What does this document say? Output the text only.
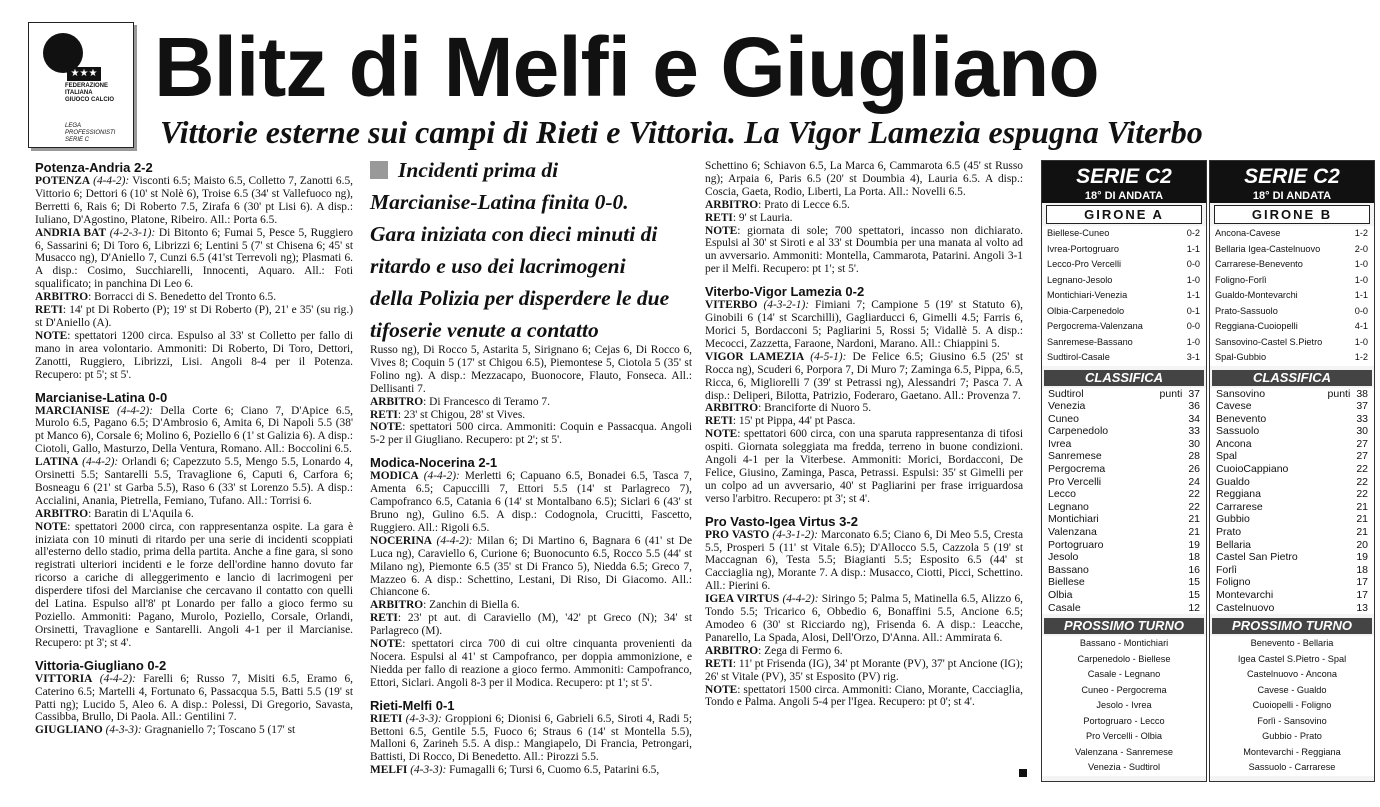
★★★
FEDERAZIONE
ITALIANA
GIUOCO CALCIO
LEGA
PROFESSIONISTI
SERIE C
Blitz di Melfi e Giugliano
Vittorie esterne sui campi di Rieti e Vittoria. La Vigor Lamezia espugna Viterbo
Potenza-Andria 2-2

POTENZA (4-4-2): Visconti 6.5; Maisto 6.5, Colletto 7, Zanotti 6.5, Vittorio 6; Dettori 6 (10' st Nolè 6), Troise 6.5 (34' st Vallefuoco ng), Berretti 6, Rais 6; Di Roberto 7.5, Zirafa 6 (30' pt Lisi 6). A disp.: Iuliano, D'Agostino, Platone, Ribeiro. All.: Porta 6.5.

ANDRIA BAT (4-2-3-1): Di Bitonto 6; Fumai 5, Pesce 5, Ruggiero 6, Sassarini 6; Di Toro 6, Librizzi 6; Lentini 5 (7' st Chisena 6; 45' st Musacco ng), D'Aniello 7, Cunzi 6.5 (41'st Terrevoli ng); Plasmati 6. A disp.: Cosimo, Succhiarelli, Innocenti, Aquaro. All.: Foti squalificato; in panchina Di Leo 6.

ARBITRO: Borracci di S. Benedetto del Tronto 6.5.

RETI: 14' pt Di Roberto (P); 19' st Di Roberto (P), 21' e 35' (su rig.) st D'Aniello (A).

NOTE: spettatori 1200 circa. Espulso al 33' st Colletto per fallo di mano in area volontario. Ammoniti: Di Roberto, Di Toro, Dettori, Zanotti, Ruggiero, Librizzi, Lisi. Angoli 8-4 per il Potenza. Recupero: pt 5'; st 5'.

Marcianise-Latina 0-0

MARCIANISE (4-4-2): Della Corte 6; Ciano 7, D'Apice 6.5, Murolo 6.5, Pagano 6.5; D'Ambrosio 6, Amita 6, Di Napoli 5.5 (38' pt Manco 6), Corsale 6; Molino 6, Poziello 6 (1' st Galizia 6). A disp.: Ciotoli, Gallo, Masturzo, Della Ventura, Romano. All.: Boccolini 6.5.

LATINA (4-4-2): Orlandi 6; Capezzuto 5.5, Mengo 5.5, Lonardo 4, Orsinetti 5.5; Santarelli 5.5, Travaglione 6, Caputi 6, Carfora 6; Bosneagu 6 (21' st Garba 5.5), Raso 6 (33' st Lorenzo 5.5). A disp.: Accialini, Anania, Pietrella, Femiano, Tufano. All.: Torrisi 6.

ARBITRO: Baratin di L'Aquila 6.

NOTE: spettatori 2000 circa, con rappresentanza ospite. La gara è iniziata con 10 minuti di ritardo per una serie di incidenti scoppiati all'esterno dello stadio, prima della partita. Anche a fine gara, si sono registrati ulteriori incidenti e le forze dell'ordine hanno dovuto far ricorso a cariche di alleggerimento e lancio di lacrimogeni per disperdere tifosi del Marcianise che cercavano il contatto con quelli del Latina. Espulso all'8' pt Lonardo per fallo a gioco fermo su Poziello. Ammoniti: Pagano, Murolo, Poziello, Corsale, Orlandi, Orsinetti, Travaglione e Santarelli. Angoli 4-1 per il Marcianise. Recupero: pt 3'; st 4'.

Vittoria-Giugliano 0-2

VITTORIA (4-4-2): Farelli 6; Russo 7, Misiti 6.5, Eramo 6, Caterino 6.5; Martelli 4, Fortunato 6, Passacqua 5.5, Batti 5.5 (19' st Patti ng); Lucido 5, Aleo 6. A disp.: Polessi, Di Gregorio, Savasta, Cassibba, Brullo, Di Paola. All.: Gentilini 7.

GIUGLIANO (4-3-3): Gragnaniello 7; Toscano 5 (17' st

Incidenti prima di Marcianise-Latina finita 0-0. Gara iniziata con dieci minuti di ritardo e uso dei lacrimogeni della Polizia per disperdere le due tifoserie venute a contatto

Russo ng), Di Rocco 5, Astarita 5, Sirignano 6; Cejas 6, Di Rocco 6, Vives 8; Coquin 5 (17' st Chigou 6.5), Piemontese 5, Ciotola 5 (35' st Folino ng). A disp.: Mezzacapo, Buonocore, Flauto, Fonseca. All.: Dellisanti 7.

ARBITRO: Di Francesco di Teramo 7.

RETI: 23' st Chigou, 28' st Vives.

NOTE: spettatori 500 circa. Ammoniti: Coquin e Passacqua. Angoli 5-2 per il Giugliano. Recupero: pt 2'; st 5'.

Modica-Nocerina 2-1

MODICA (4-4-2): Merletti 6; Capuano 6.5, Bonadei 6.5, Tasca 7, Amenta 6.5; Capuccilli 7, Ettori 5.5 (14' st Parlagreco 7), Campofranco 6.5, Catania 6 (14' st Montalbano 6.5); Siclari 6 (43' st Bruno ng), Gulino 6.5. A disp.: Codognola, Crucitti, Fascetto, Ruggiero. All.: Rigoli 6.5.

NOCERINA (4-4-2): Milan 6; Di Martino 6, Bagnara 6 (41' st De Luca ng), Caraviello 6, Curione 6; Buonocunto 6.5, Rocco 5.5 (44' st Milano ng), Piemonte 6.5 (35' st Di Franco 5), Niedda 6.5; Greco 7, Mazzeo 6. A disp.: Schettino, Lestani, Di Riso, Di Giacomo. All.: Chiancone 6.

ARBITRO: Zanchin di Biella 6.

RETI: 23' pt aut. di Caraviello (M), '42' pt Greco (N); 34' st Parlagreco (M).

NOTE: spettatori circa 700 di cui oltre cinquanta provenienti da Nocera. Espulsi al 41' st Campofranco, per doppia ammonizione, e Niedda per fallo di reazione a gioco fermo. Ammoniti: Campofranco, Ettori, Siclari. Angoli 8-3 per il Modica. Recupero: pt 1'; st 5'.

Rieti-Melfi 0-1

RIETI (4-3-3): Groppioni 6; Dionisi 6, Gabrieli 6.5, Siroti 4, Radi 5; Bettoni 6.5, Gentile 5.5, Fuoco 6; Straus 6 (14' st Montella 5.5), Malloni 6, Zarineh 5.5. A disp.: Mangiapelo, Di Francia, Petrongari, Battisti, Di Rocco, Di Benedetto. All.: Pirozzi 5.5.

MELFI (4-3-3): Fumagalli 6; Tursi 6, Cuomo 6.5, Patarini 6.5,

Schettino 6; Schiavon 6.5, La Marca 6, Cammarota 6.5 (45' st Russo ng); Arpaia 6, Paris 6.5 (20' st Doumbia 4), Lauria 6.5. A disp.: Coscia, Gaeta, Rodio, Liberti, La Porta. All.: Novelli 6.5.

ARBITRO: Prato di Lecce 6.5.

RETI: 9' st Lauria.

NOTE: giornata di sole; 700 spettatori, incasso non dichiarato. Espulsi al 30' st Siroti e al 33' st Doumbia per una manata al volto ad un avversario. Ammoniti: Montella, Cammarota, Patarini. Angoli 3-1 per il Melfi. Recupero: pt 1'; st 5'.

Viterbo-Vigor Lamezia 0-2

VITERBO (4-3-2-1): Fimiani 7; Campione 5 (19' st Statuto 6), Ginobili 6 (14' st Scarchilli), Gagliarducci 6, Gimelli 4.5; Farris 6, Morici 5, Bordacconi 5; Pagliarini 5, Rossi 5; Vidallè 5. A disp.: Mecocci, Zazzetta, Faraone, Nardoni, Marano. All.: Chiappini 5.

VIGOR LAMEZIA (4-5-1): De Felice 6.5; Giusino 6.5 (25' st Rocca ng), Scuderi 6, Porpora 7, Di Muro 7; Zaminga 6.5, Pippa, 6.5, Ricca, 6, Migliorelli 7 (39' st Petrassi ng), Alessandri 7; Pasca 7. A disp.: Deliperi, Bilotta, Patrizio, Foderaro, Gaetano. All.: Provenza 7.

ARBITRO: Branciforte di Nuoro 5.

RETI: 15' pt Pippa, 44' pt Pasca.

NOTE: spettatori 600 circa, con una sparuta rappresentanza di tifosi ospiti. Giornata soleggiata ma fredda, terreno in buone condizioni. Angoli 4-1 per la Viterbese. Ammoniti: Morici, Bordacconi, De Felice, Giusino, Zaminga, Pasca, Petrassi. Espulsi: 35' st Gimelli per un colpo ad un avversario, 40' st Pagliarini per frase irriguardosa verso l'arbitro. Recupero: pt 3'; st 4'.

Pro Vasto-Igea Virtus 3-2

PRO VASTO (4-3-1-2): Marconato 6.5; Ciano 6, Di Meo 5.5, Cresta 5.5, Prosperi 5 (11' st Vitale 6.5); D'Allocco 5.5, Cazzola 5 (19' st Maccagnan 6), Testa 5.5; Biagianti 5.5; Esposito 6.5 (44' st Cacciaglia ng), Morante 7. A disp.: Musacco, Ciotti, Picci, Schettino. All.: Pierini 6.

IGEA VIRTUS (4-4-2): Siringo 5; Palma 5, Matinella 6.5, Alizzo 6, Tondo 5.5; Tricarico 6, Obbedio 6, Bonaffini 5.5, Ancione 6.5; Amodeo 6 (30' st Ricciardo ng), Frisenda 6. A disp.: Leacche, Panarello, La Spada, Alosi, Dell'Orzo, D'Anna. All.: Ammirata 6.

ARBITRO: Zega di Fermo 6.

RETI: 11' pt Frisenda (IG), 34' pt Morante (PV), 37' pt Ancione (IG); 26' st Vitale (PV), 35' st Esposito (PV) rig.

NOTE: spettatori 1500 circa. Ammoniti: Ciano, Morante, Cacciaglia, Tondo e Palma. Angoli 5-4 per l'Igea. Recupero: pt 0'; st 4'.

SERIE C2
18° DI ANDATA
GIRONE A
Biellese-Cuneo	0-2
Ivrea-Portogruaro	1-1
Lecco-Pro Vercelli	0-0
Legnano-Jesolo	1-0
Montichiari-Venezia	1-1
Olbia-Carpenedolo	0-1
Pergocrema-Valenzana	0-0
Sanremese-Bassano	1-0
Sudtirol-Casale	3-1
CLASSIFICA
Sudtirol	punti 37
Venezia	36
Cuneo	34
Carpenedolo	33
Ivrea	30
Sanremese	28
Pergocrema	26
Pro Vercelli	24
Lecco	22
Legnano	22
Montichiari	21
Valenzana	21
Portogruaro	19
Jesolo	18
Bassano	16
Biellese	15
Olbia	15
Casale	12
PROSSIMO TURNO
Bassano - Montichiari
Carpenedolo - Biellese
Casale - Legnano
Cuneo - Pergocrema
Jesolo - Ivrea
Portogruaro - Lecco
Pro Vercelli - Olbia
Valenzana - Sanremese
Venezia - Sudtirol
SERIE C2
18° DI ANDATA
GIRONE B
Ancona-Cavese	1-2
Bellaria Igea-Castelnuovo	2-0
Carrarese-Benevento	1-0
Foligno-Forlì	1-0
Gualdo-Montevarchi	1-1
Prato-Sassuolo	0-0
Reggiana-Cuoiopelli	4-1
Sansovino-Castel S.Pietro	1-0
Spal-Gubbio	1-2
CLASSIFICA
Sansovino	punti 38
Cavese	37
Benevento	33
Sassuolo	30
Ancona	27
Spal	27
CuoioCappiano	22
Gualdo	22
Reggiana	22
Carrarese	21
Gubbio	21
Prato	21
Bellaria	20
Castel San Pietro	19
Forlì	18
Foligno	17
Montevarchi	17
Castelnuovo	13
PROSSIMO TURNO
Benevento - Bellaria
Igea Castel S.Pietro - Spal
Castelnuovo - Ancona
Cavese - Gualdo
Cuoiopelli - Foligno
Forlì - Sansovino
Gubbio - Prato
Montevarchi - Reggiana
Sassuolo - Carrarese
